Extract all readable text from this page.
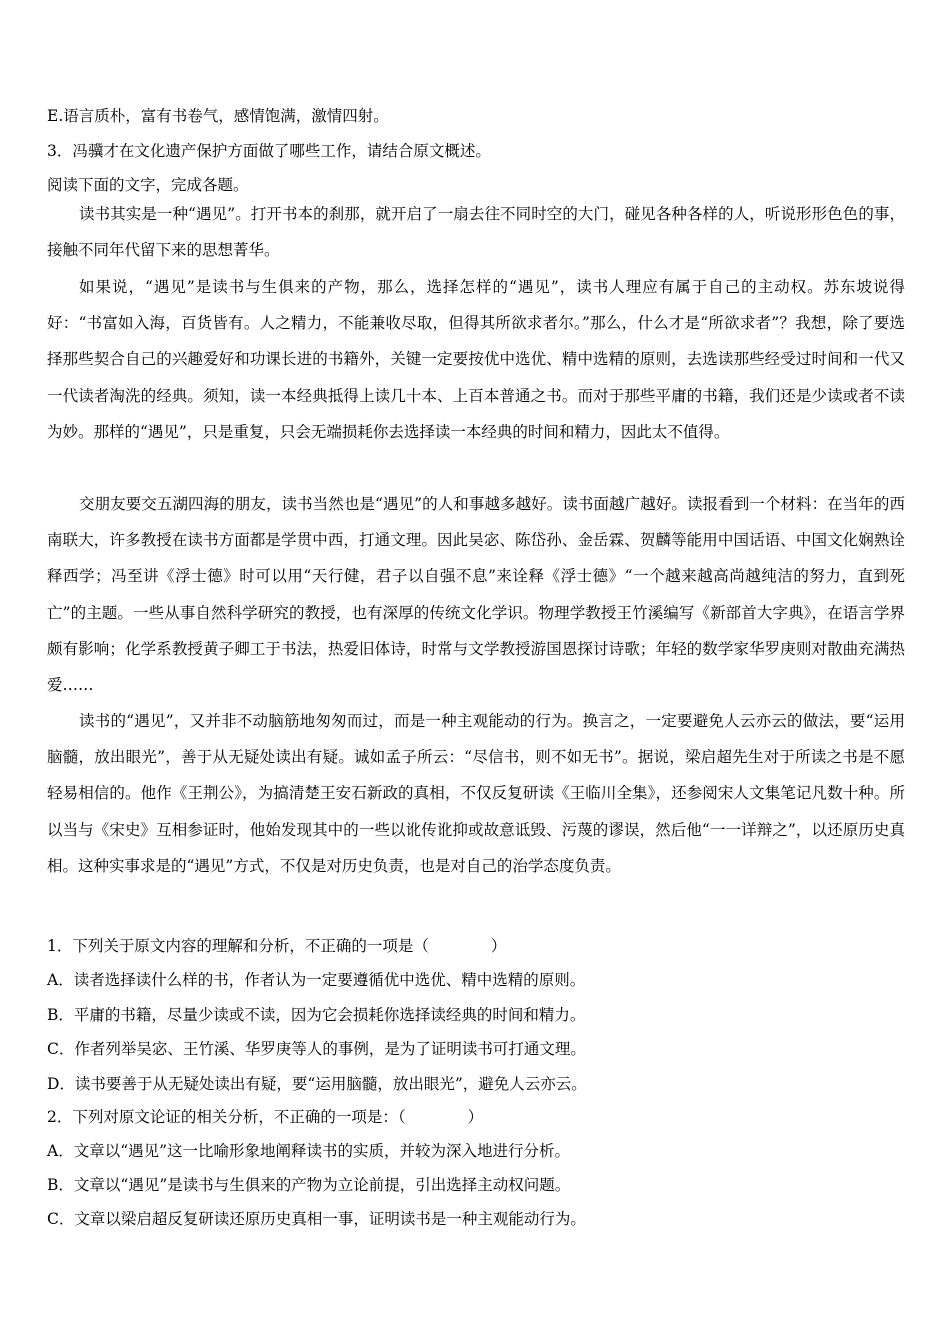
E.语言质朴，富有书卷气，感情饱满，激情四射。
3．冯骥才在文化遗产保护方面做了哪些工作，请结合原文概述。
阅读下面的文字，完成各题。

读书其实是一种“遇见”。打开书本的刹那，就开启了一扇去往不同时空的大门，碰见各种各样的人，听说形形色色的事，接触不同年代留下来的思想菁华。

如果说，“遇见”是读书与生俱来的产物，那么，选择怎样的“遇见”，读书人理应有属于自己的主动权。苏东坡说得好：“书富如入海，百货皆有。人之精力，不能兼收尽取，但得其所欲求者尔。”那么，什么才是“所欲求者”？我想，除了要选择那些契合自己的兴趣爱好和功课长进的书籍外，关键一定要按优中选优、精中选精的原则，去选读那些经受过时间和一代又一代读者淘洗的经典。须知，读一本经典抵得上读几十本、上百本普通之书。而对于那些平庸的书籍，我们还是少读或者不读为妙。那样的“遇见”，只是重复，只会无端损耗你去选择读一本经典的时间和精力，因此太不值得。

交朋友要交五湖四海的朋友，读书当然也是“遇见”的人和事越多越好。读书面越广越好。读报看到一个材料：在当年的西南联大，许多教授在读书方面都是学贯中西，打通文理。因此吴宓、陈岱孙、金岳霖、贺麟等能用中国话语、中国文化娴熟诠释西学；冯至讲《浮士德》时可以用“天行健，君子以自强不息”来诠释《浮士德》“一个越来越高尚越纯洁的努力，直到死亡”的主题。一些从事自然科学研究的教授，也有深厚的传统文化学识。物理学教授王竹溪编写《新部首大字典》，在语言学界颇有影响；化学系教授黄子卿工于书法，热爱旧体诗，时常与文学教授游国恩探讨诗歌；年轻的数学家华罗庚则对散曲充满热爱……

读书的“遇见”，又并非不动脑筋地匆匆而过，而是一种主观能动的行为。换言之，一定要避免人云亦云的做法，要“运用脑髓，放出眼光”，善于从无疑处读出有疑。诚如孟子所云：“尽信书，则不如无书”。据说，梁启超先生对于所读之书是不愿轻易相信的。他作《王荆公》，为搞清楚王安石新政的真相，不仅反复研读《王临川全集》，还参阅宋人文集笔记凡数十种。所以当与《宋史》互相参证时，他始发现其中的一些以讹传讹抑或故意诋毁、污蔑的谬误，然后他“一一详辩之”，以还原历史真相。这种实事求是的“遇见”方式，不仅是对历史负责，也是对自己的治学态度负责。

1．下列关于原文内容的理解和分析，不正确的一项是（　　　　）
A．读者选择读什么样的书，作者认为一定要遵循优中选优、精中选精的原则。
B．平庸的书籍，尽量少读或不读，因为它会损耗你选择读经典的时间和精力。
C．作者列举吴宓、王竹溪、华罗庚等人的事例，是为了证明读书可打通文理。
D．读书要善于从无疑处读出有疑，要“运用脑髓，放出眼光”，避免人云亦云。
2．下列对原文论证的相关分析，不正确的一项是：（　　　　）
A．文章以“遇见”这一比喻形象地阐释读书的实质，并较为深入地进行分析。
B．文章以“遇见”是读书与生俱来的产物为立论前提，引出选择主动权问题。
C．文章以梁启超反复研读还原历史真相一事，证明读书是一种主观能动行为。
